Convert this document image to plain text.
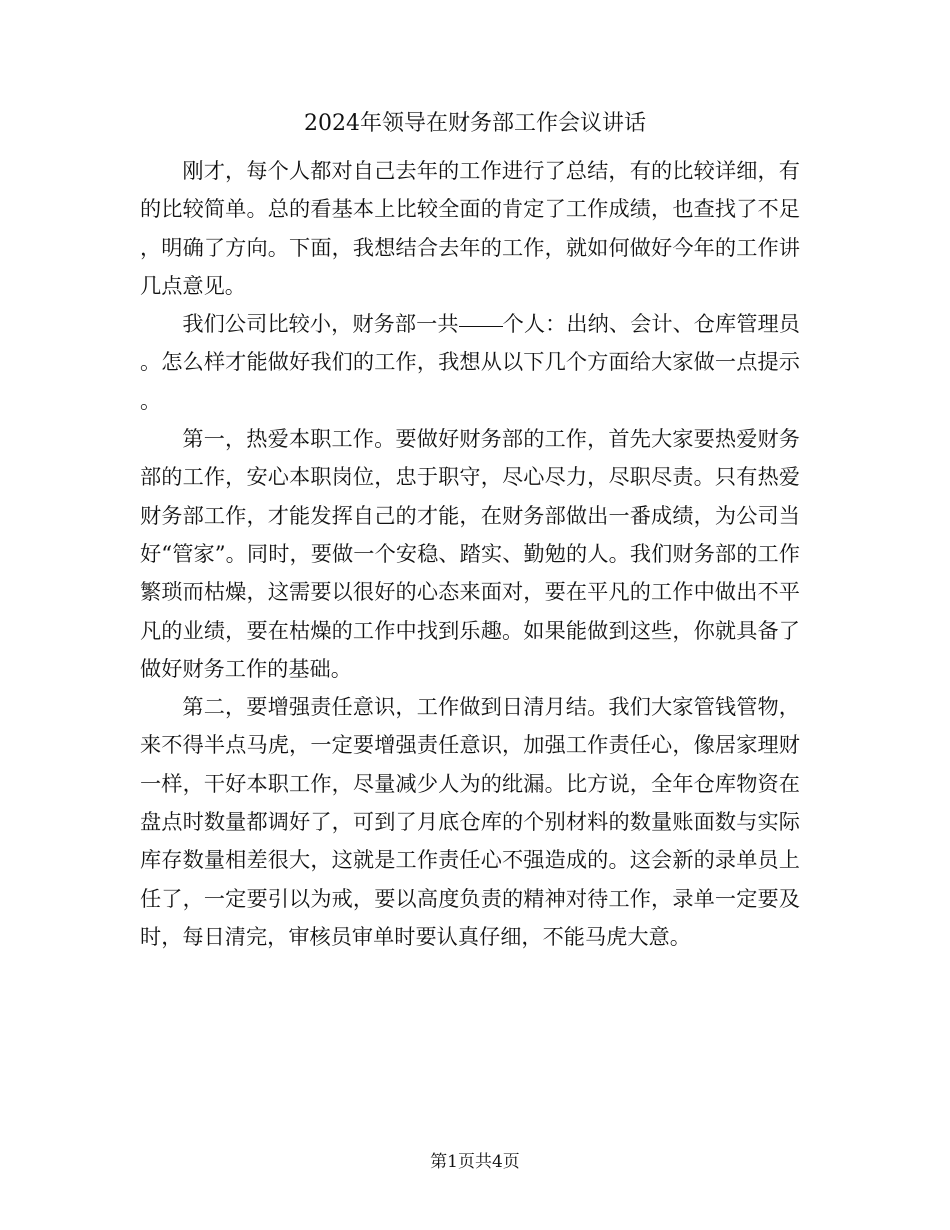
2024年领导在财务部工作会议讲话

刚才，每个人都对自己去年的工作进行了总结，有的比较详细，有的比较简单。总的看基本上比较全面的肯定了工作成绩，也查找了不足，明确了方向。下面，我想结合去年的工作，就如何做好今年的工作讲几点意见。

我们公司比较小，财务部一共 个人：出纳、会计、仓库管理员。怎么样才能做好我们的工作，我想从以下几个方面给大家做一点提示。

第一，热爱本职工作。要做好财务部的工作，首先大家要热爱财务部的工作，安心本职岗位，忠于职守，尽心尽力，尽职尽责。只有热爱财务部工作，才能发挥自己的才能，在财务部做出一番成绩，为公司当好“管家”。同时，要做一个安稳、踏实、勤勉的人。我们财务部的工作繁琐而枯燥，这需要以很好的心态来面对，要在平凡的工作中做出不平凡的业绩，要在枯燥的工作中找到乐趣。如果能做到这些，你就具备了做好财务工作的基础。

第二，要增强责任意识，工作做到日清月结。我们大家管钱管物，来不得半点马虎，一定要增强责任意识，加强工作责任心，像居家理财一样，干好本职工作，尽量减少人为的纰漏。比方说，全年仓库物资在盘点时数量都调好了，可到了月底仓库的个别材料的数量账面数与实际库存数量相差很大，这就是工作责任心不强造成的。这会新的录单员上任了，一定要引以为戒，要以高度负责的精神对待工作，录单一定要及时，每日清完，审核员审单时要认真仔细，不能马虎大意。

第1页共4页
